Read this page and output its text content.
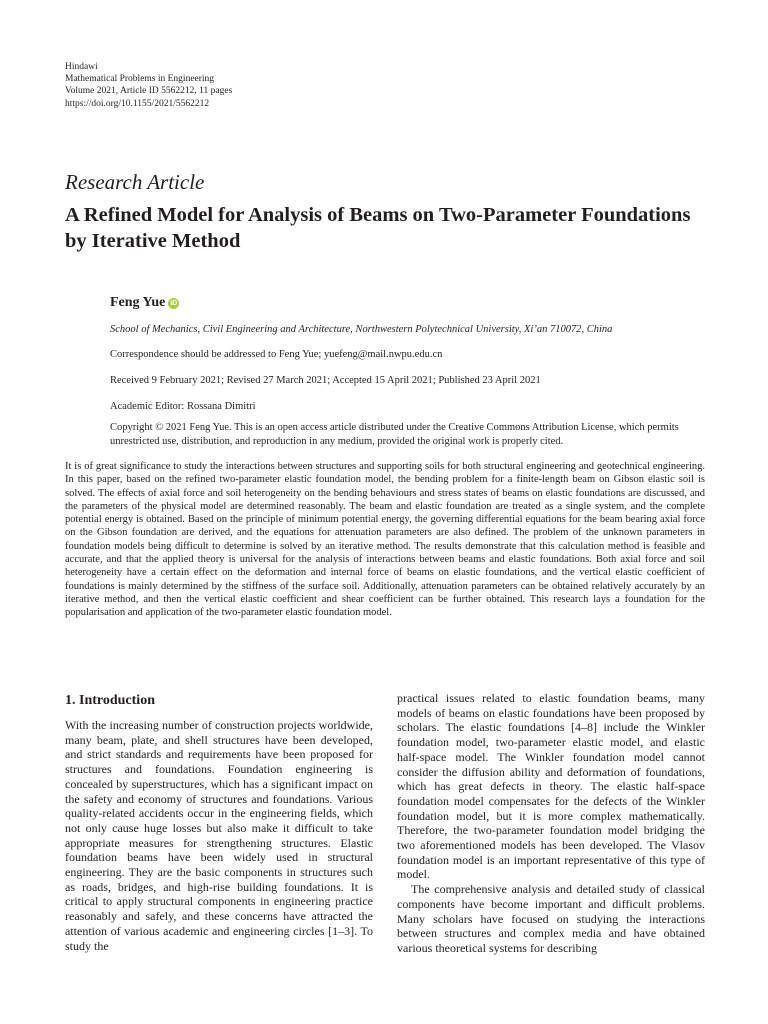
Hindawi
Mathematical Problems in Engineering
Volume 2021, Article ID 5562212, 11 pages
https://doi.org/10.1155/2021/5562212
Research Article
A Refined Model for Analysis of Beams on Two-Parameter Foundations by Iterative Method
Feng Yue iD
School of Mechanics, Civil Engineering and Architecture, Northwestern Polytechnical University, Xi’an 710072, China
Correspondence should be addressed to Feng Yue; yuefeng@mail.nwpu.edu.cn
Received 9 February 2021; Revised 27 March 2021; Accepted 15 April 2021; Published 23 April 2021
Academic Editor: Rossana Dimitri
Copyright © 2021 Feng Yue. This is an open access article distributed under the Creative Commons Attribution License, which permits unrestricted use, distribution, and reproduction in any medium, provided the original work is properly cited.
It is of great significance to study the interactions between structures and supporting soils for both structural engineering and geotechnical engineering. In this paper, based on the refined two-parameter elastic foundation model, the bending problem for a finite-length beam on Gibson elastic soil is solved. The effects of axial force and soil heterogeneity on the bending behaviours and stress states of beams on elastic foundations are discussed, and the parameters of the physical model are determined reasonably. The beam and elastic foundation are treated as a single system, and the complete potential energy is obtained. Based on the principle of minimum potential energy, the governing differential equations for the beam bearing axial force on the Gibson foundation are derived, and the equations for attenuation parameters are also defined. The problem of the unknown parameters in foundation models being difficult to determine is solved by an iterative method. The results demonstrate that this calculation method is feasible and accurate, and that the applied theory is universal for the analysis of interactions between beams and elastic foundations. Both axial force and soil heterogeneity have a certain effect on the deformation and internal force of beams on elastic foundations, and the vertical elastic coefficient of foundations is mainly determined by the stiffness of the surface soil. Additionally, attenuation parameters can be obtained relatively accurately by an iterative method, and then the vertical elastic coefficient and shear coefficient can be further obtained. This research lays a foundation for the popularisation and application of the two-parameter elastic foundation model.
1. Introduction

With the increasing number of construction projects worldwide, many beam, plate, and shell structures have been developed, and strict standards and requirements have been proposed for structures and foundations. Foundation engineering is concealed by superstructures, which has a significant impact on the safety and economy of structures and foundations. Various quality-related accidents occur in the engineering fields, which not only cause huge losses but also make it difficult to take appropriate measures for strengthening structures. Elastic foundation beams have been widely used in structural engineering. They are the basic components in structures such as roads, bridges, and high-rise building foundations. It is critical to apply structural components in engineering practice reasonably and safely, and these concerns have attracted the attention of various academic and engineering circles [1–3]. To study the

practical issues related to elastic foundation beams, many models of beams on elastic foundations have been proposed by scholars. The elastic foundations [4–8] include the Winkler foundation model, two-parameter elastic model, and elastic half-space model. The Winkler foundation model cannot consider the diffusion ability and deformation of foundations, which has great defects in theory. The elastic half-space foundation model compensates for the defects of the Winkler foundation model, but it is more complex mathematically. Therefore, the two-parameter foundation model bridging the two aforementioned models has been developed. The Vlasov foundation model is an important representative of this type of model.

The comprehensive analysis and detailed study of classical components have become important and difficult problems. Many scholars have focused on studying the interactions between structures and complex media and have obtained various theoretical systems for describing
